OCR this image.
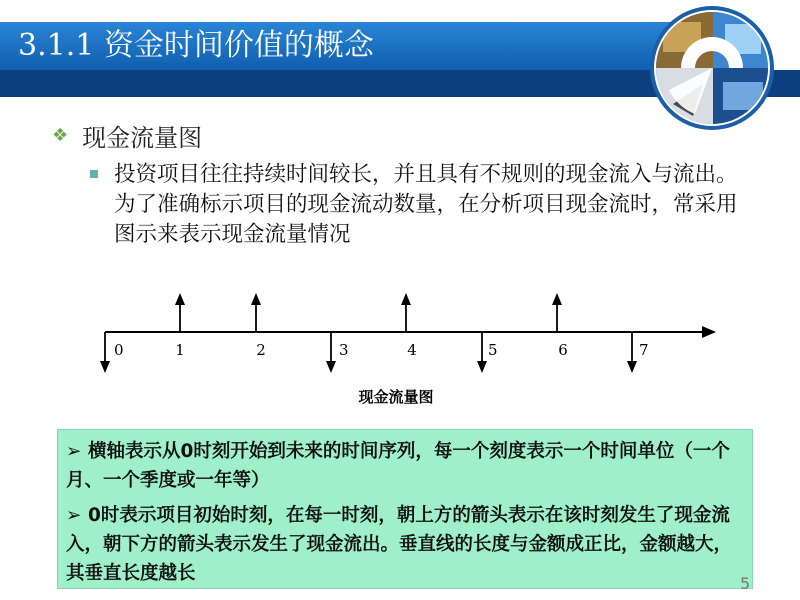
3.1.1 资金时间价值的概念
❖ 现金流量图

投资项目往往持续时间较长，并且具有不规则的现金流入与流出。为了准确标示项目的现金流动数量，在分析项目现金流时，常采用图示来表示现金流量情况

0	1	2	3	4	5	6	7
现金流量图
➢ 横轴表示从0时刻开始到未来的时间序列，每一个刻度表示一个时间单位（一个月、一个季度或一年等）
➢ 0时表示项目初始时刻，在每一时刻，朝上方的箭头表示在该时刻发生了现金流入，朝下方的箭头表示发生了现金流出。垂直线的长度与金额成正比，金额越大，其垂直长度越长	5
